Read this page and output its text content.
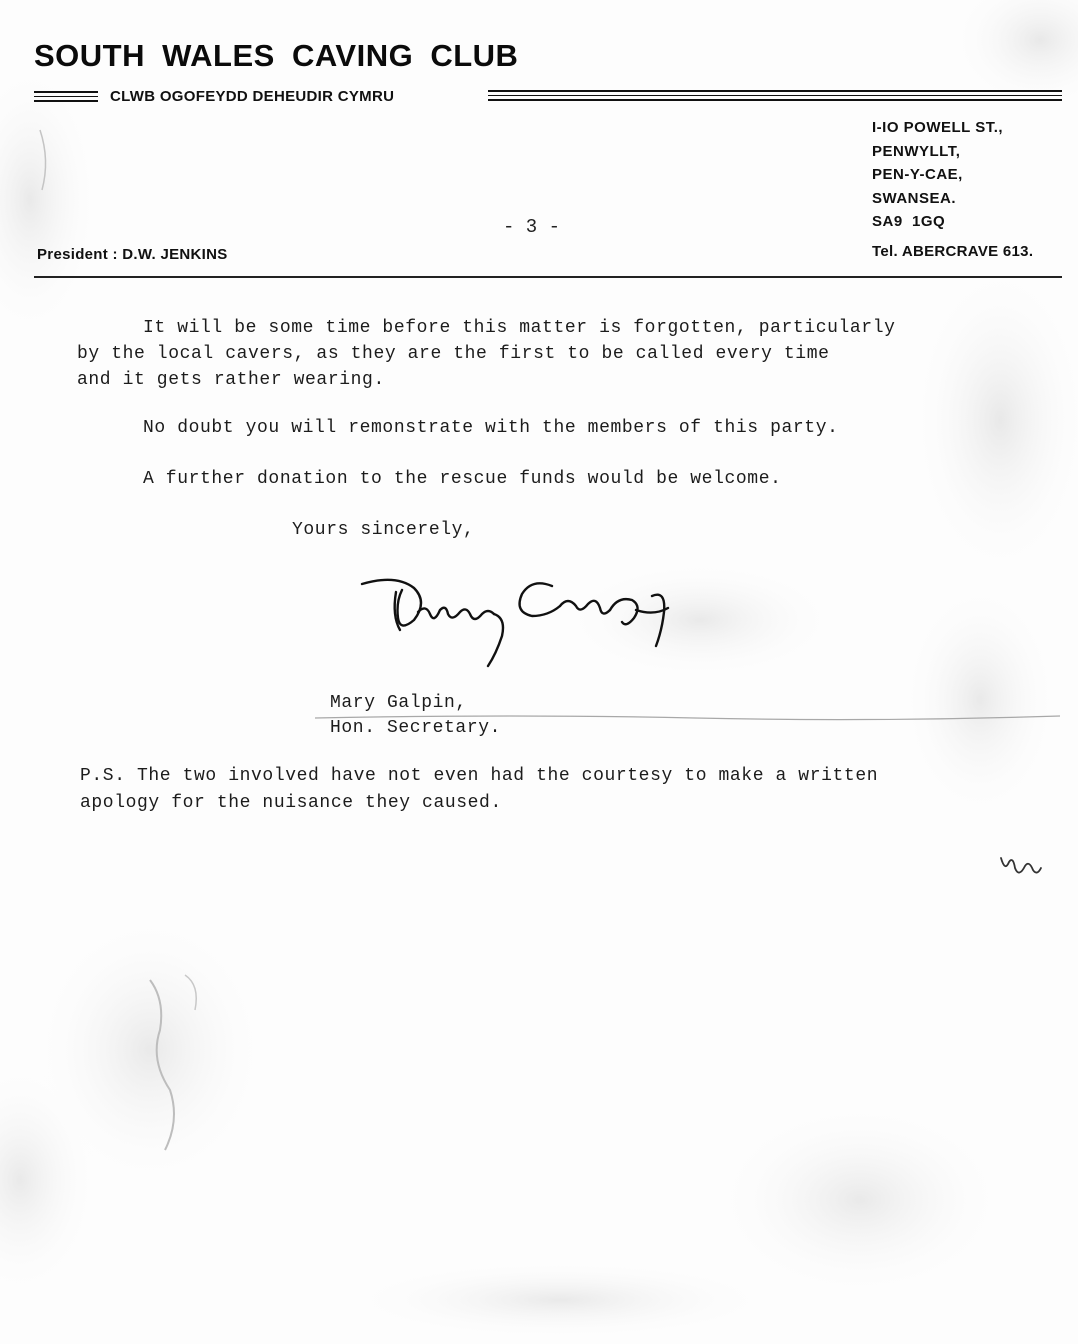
SOUTH WALES CAVING CLUB
CLWB OGOFEYDD DEHEUDIR CYMRU
I-IO POWELL ST.,
PENWYLLT,
PEN-Y-CAE,
SWANSEA.
SA9  1GQ
- 3 -
President : D.W. JENKINS	Tel. ABERCRAVE 613.
It will be some time before this matter is forgotten, particularly
by the local cavers, as they are the first to be called every time
and it gets rather wearing.
No doubt you will remonstrate with the members of this party.
A further donation to the rescue funds would be welcome.
Yours sincerely,
Mary Galpin,
Hon. Secretary.
P.S. The two involved have not even had the courtesy to make a written
apology for the nuisance they caused.
